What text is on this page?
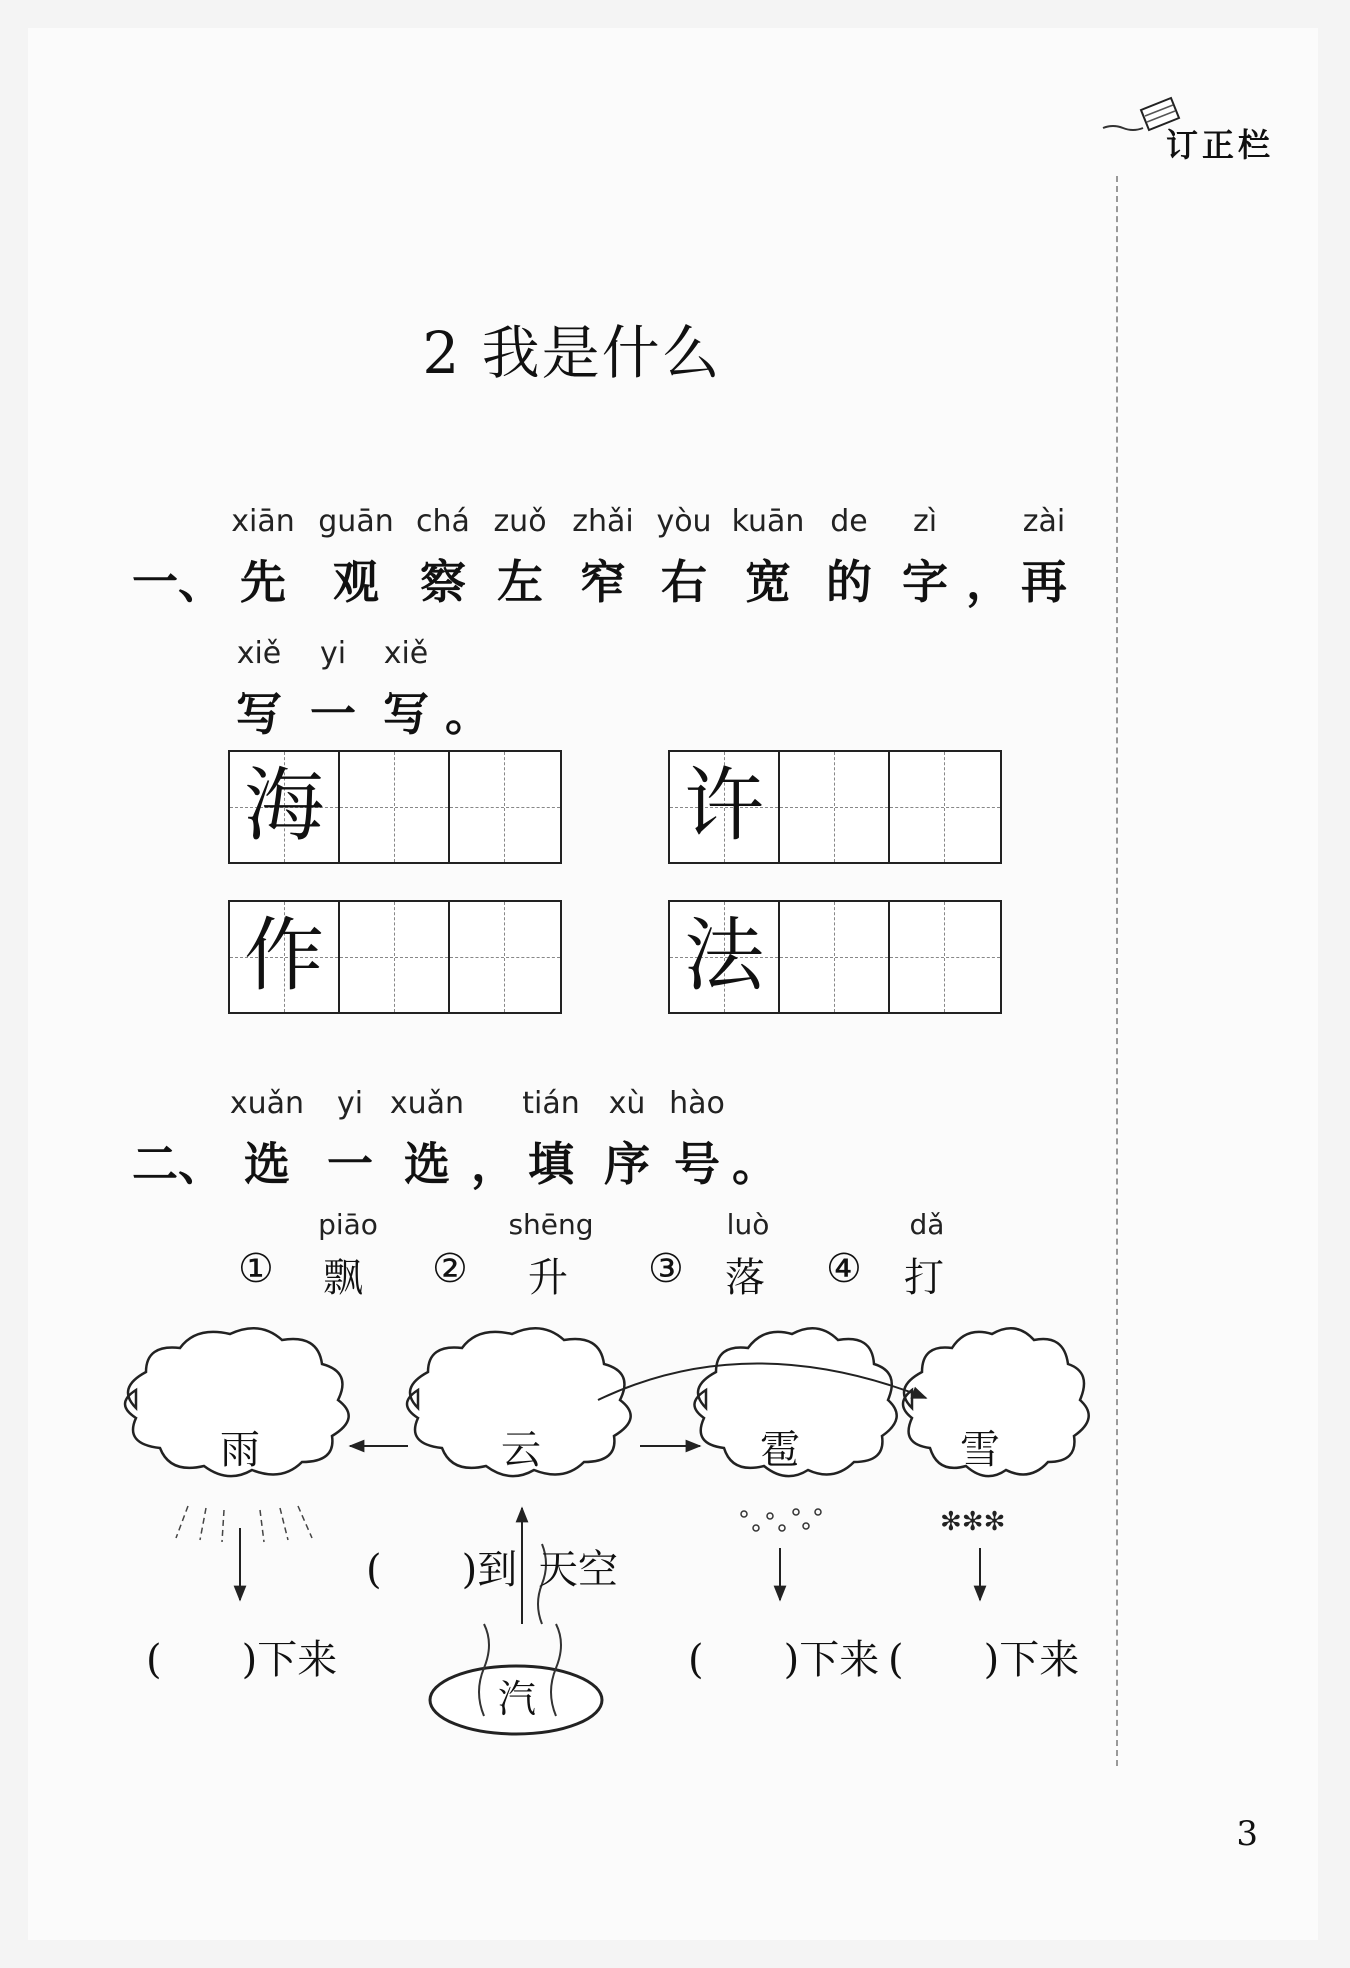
订正栏
2 我是什么
xiān guān chá zuǒ zhǎi yòu kuān de	zì	zài
一、 先	观 察 左 窄 右 宽 的 字 ， 再
xiě	yi	xiě
写 一 写 。
海	许
作	法
xuǎn	yi xuǎn	tián xù hào
二、 选 一 选 ， 填 序 号 。
piāo	shēng	luò	dǎ
① 飘 ② 升 ③ 落 ④ 打
✻✻✻
雨	云	雹	雪
(　　)到 天空
(　　)下来	(　　)下来 (　　)下来
汽
3
